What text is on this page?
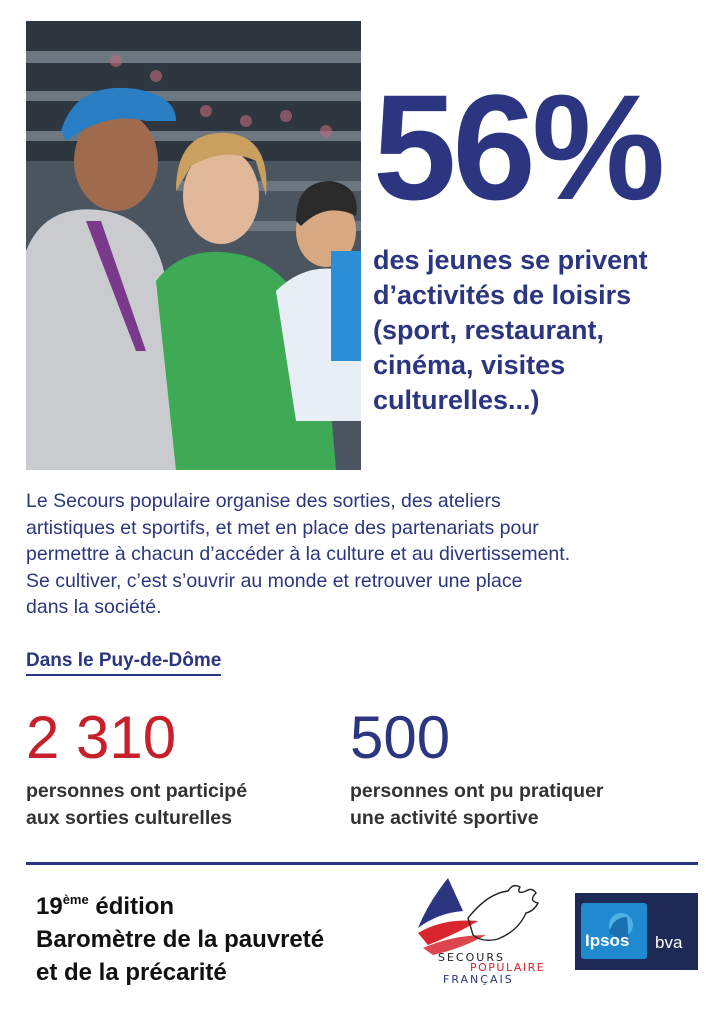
56%
des jeunes se privent
d’activités de loisirs
(sport, restaurant,
cinéma, visites
culturelles...)
Le Secours populaire organise des sorties, des ateliers
artistiques et sportifs, et met en place des partenariats pour
permettre à chacun d’accéder à la culture et au divertissement.
Se cultiver, c’est s’ouvrir au monde et retrouver une place
dans la société.
Dans le Puy-de-Dôme
2 310
personnes ont participé
aux sorties culturelles
500
personnes ont pu pratiquer
une activité sportive
19ème édition
Baromètre de la pauvreté
et de la précarité
SECOURS
POPULAIRE
FRANÇAIS
Ipsos bva
